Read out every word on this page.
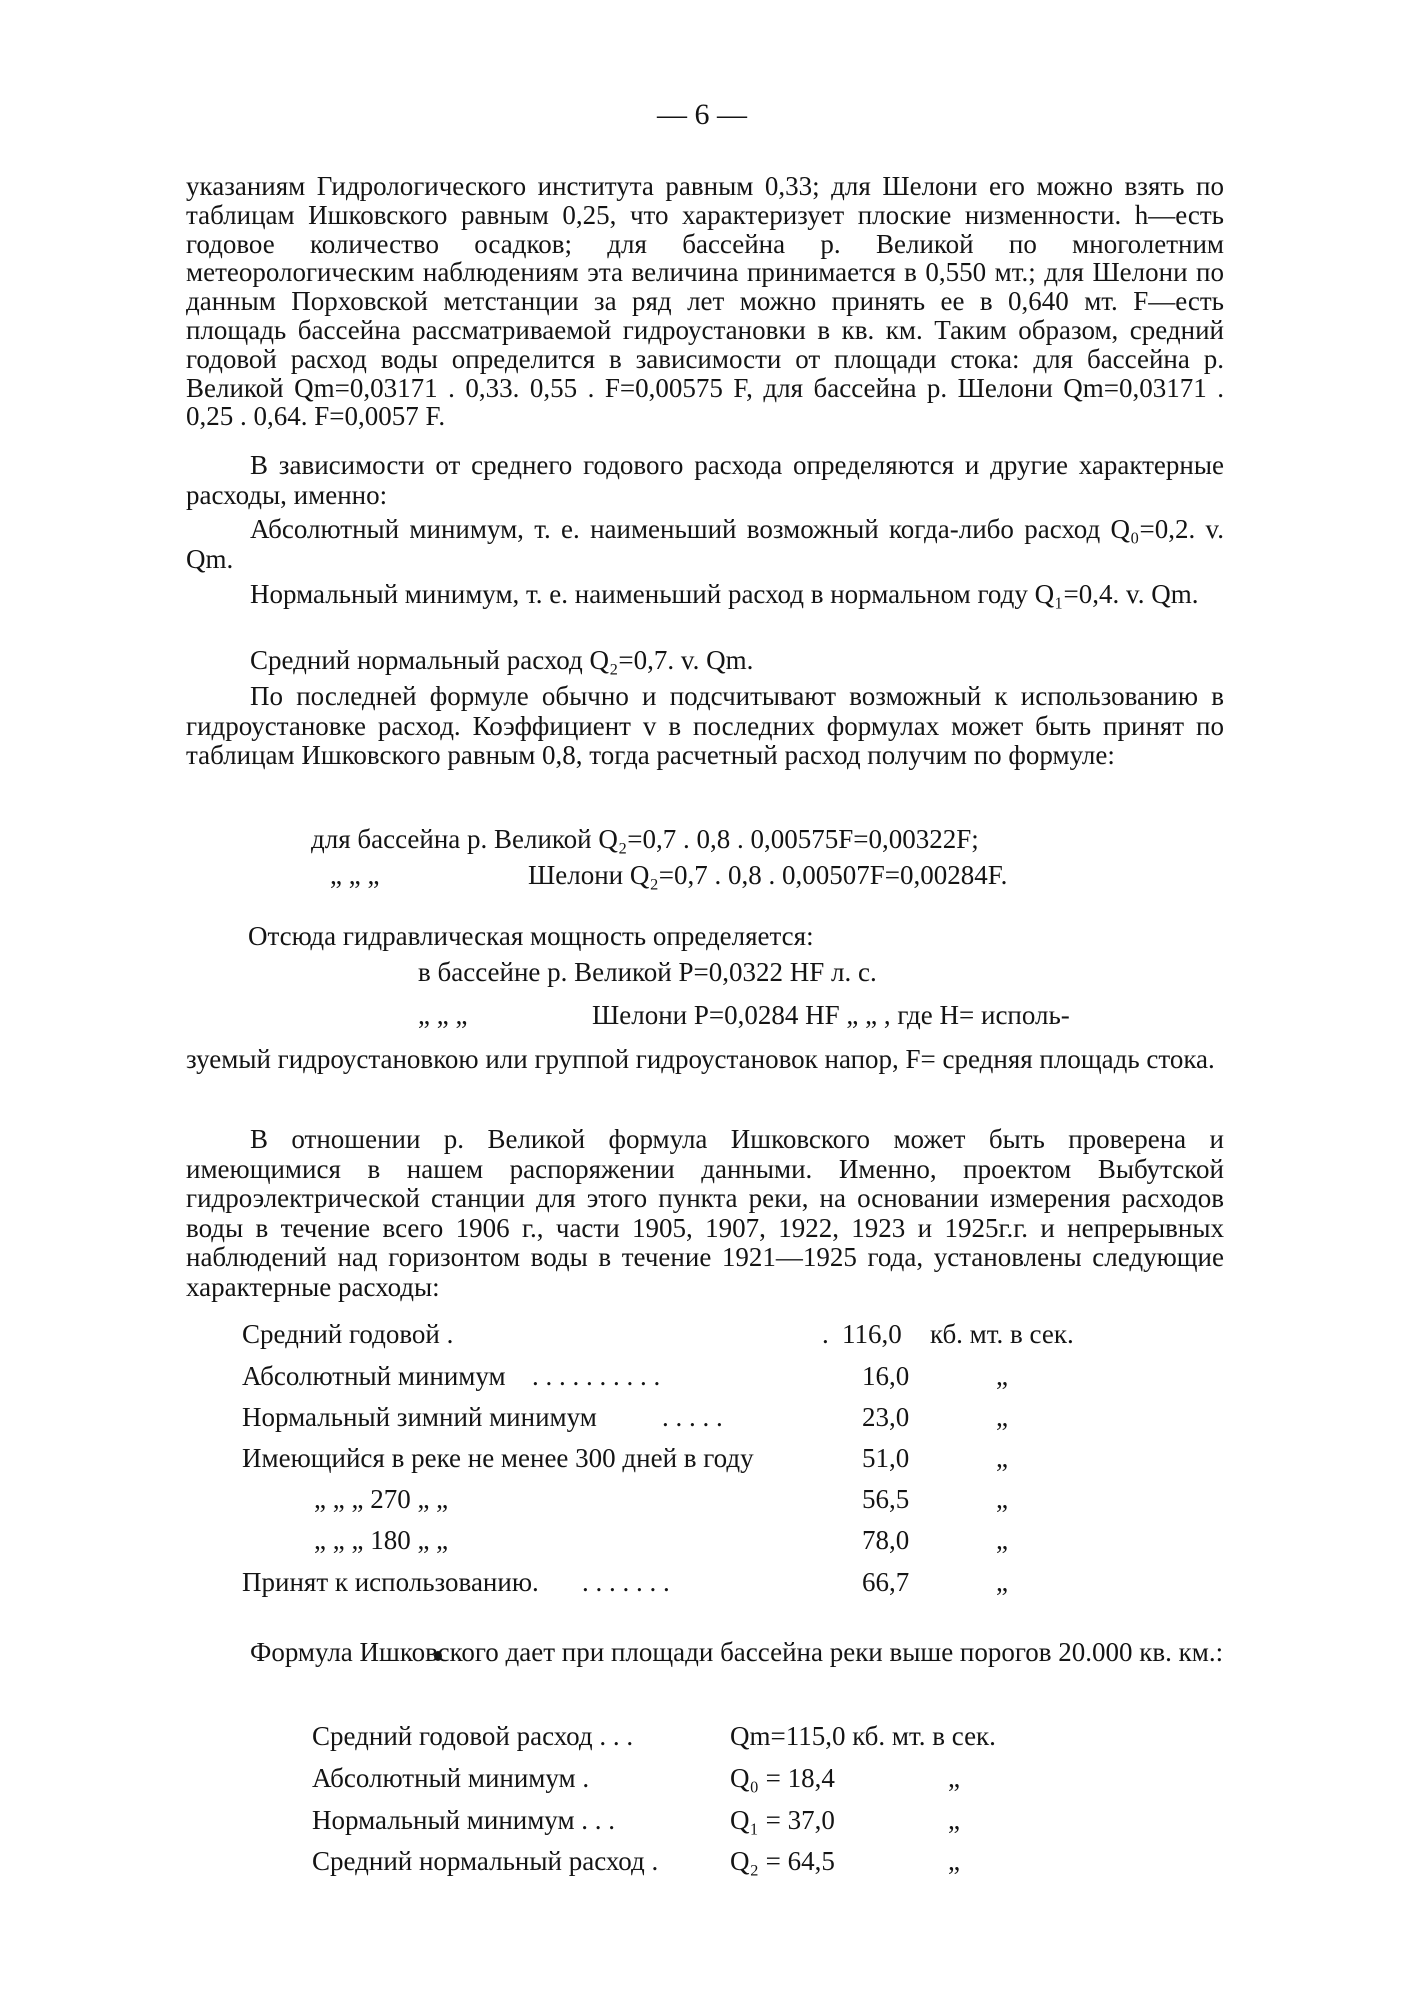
— 6 —

указаниям Гидрологического института равным 0,33; для Шелони его можно взять по таблицам Ишковского равным 0,25, что характеризует плоские низменности. h—есть годовое количество осадков; для бассейна р. Великой по многолетним метеорологическим наблюдениям эта величина принимается в 0,550 мт.; для Шелони по данным Порховской метстанции за ряд лет можно принять ее в 0,640 мт. F—есть площадь бассейна рассматриваемой гидроустановки в кв. км. Таким образом, средний годовой расход воды определится в зависимости от площади стока: для бассейна р. Великой Qm=0,03171 . 0,33. 0,55 . F=0,00575 F, для бассейна р. Шелони Qm=0,03171 . 0,25 . 0,64. F=0,0057 F.

В зависимости от среднего годового расхода определяются и другие характерные расходы, именно:

Абсолютный минимум, т. е. наименьший возможный когда-либо расход Q₀=0,2. v. Qm.

Нормальный минимум, т. е. наименьший расход в нормальном году Q₁=0,4. v. Qm.

Средний нормальный расход Q₂=0,7. v. Qm.

По последней формуле обычно и подсчитывают возможный к использованию в гидроустановке расход. Коэффициент v в последних формулах может быть принят по таблицам Ишковского равным 0,8, тогда расчетный расход получим по формуле:

для бассейна р. Великой Q₂=0,7 . 0,8 . 0,00575F=0,00322F;
„ „ „	Шелони Q₂=0,7 . 0,8 . 0,00507F=0,00284F.
Отсюда гидравлическая мощность определяется:
в бассейне р. Великой P=0,0322 HF л. с.
„ „ „	Шелони P=0,0284 HF „ „ , где H= исполь-

зуемый гидроустановкою или группой гидроустановок напор, F= средняя площадь стока.

В отношении р. Великой формула Ишковского может быть проверена и имеющимися в нашем распоряжении данными. Именно, проектом Выбутской гидроэлектрической станции для этого пункта реки, на основании измерения расходов воды в течение всего 1906 г., части 1905, 1907, 1922, 1923 и 1925г.г. и непрерывных наблюдений над горизонтом воды в течение 1921—1925 года, установлены следующие характерные расходы:

Средний годовой .	. 116,0 кб. мт. в сек.
Абсолютный минимум . . . . . . . . . .	16,0	„
Нормальный зимний минимум . . . . .	23,0	„
Имеющийся в реке не менее 300 дней в году	51,0	„
„ „ „ 270 „ „	56,5	„
„ „ „ 180 „ „	78,0	„
Принят к использованию. . . . . . . .	66,7	„

Формула Ишковского дает при площади бассейна реки выше порогов 20.000 кв. км.:

Средний годовой расход . . .	Qm=115,0 кб. мт. в сек.
Абсолютный минимум .	Q₀ = 18,4	„
Нормальный минимум . . .	Q₁ = 37,0	„
Средний нормальный расход .	Q₂ = 64,5	„
